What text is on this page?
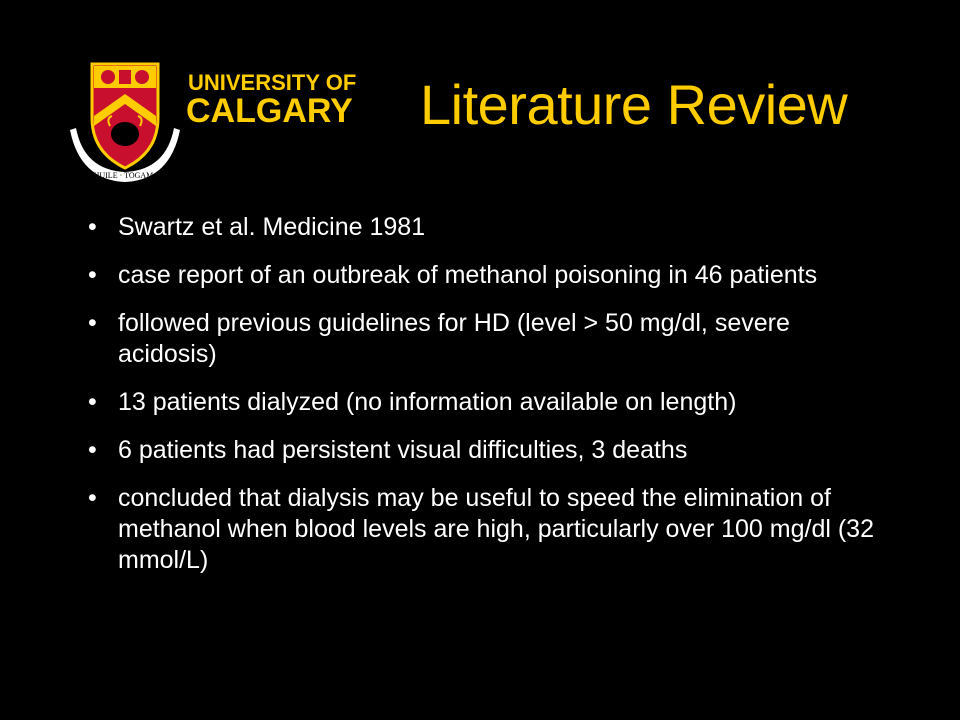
MO · SHUILE · TOGAM · SUAS
UNIVERSITY OF
CALGARY Literature Review
• Swartz et al. Medicine 1981
• case report of an outbreak of methanol poisoning in 46 patients
• followed previous guidelines for HD (level > 50 mg/dl, severe acidosis)
• 13 patients dialyzed (no information available on length)
• 6 patients had persistent visual difficulties, 3 deaths
• concluded that dialysis may be useful to speed the elimination of methanol when blood levels are high, particularly over 100 mg/dl (32 mmol/L)
